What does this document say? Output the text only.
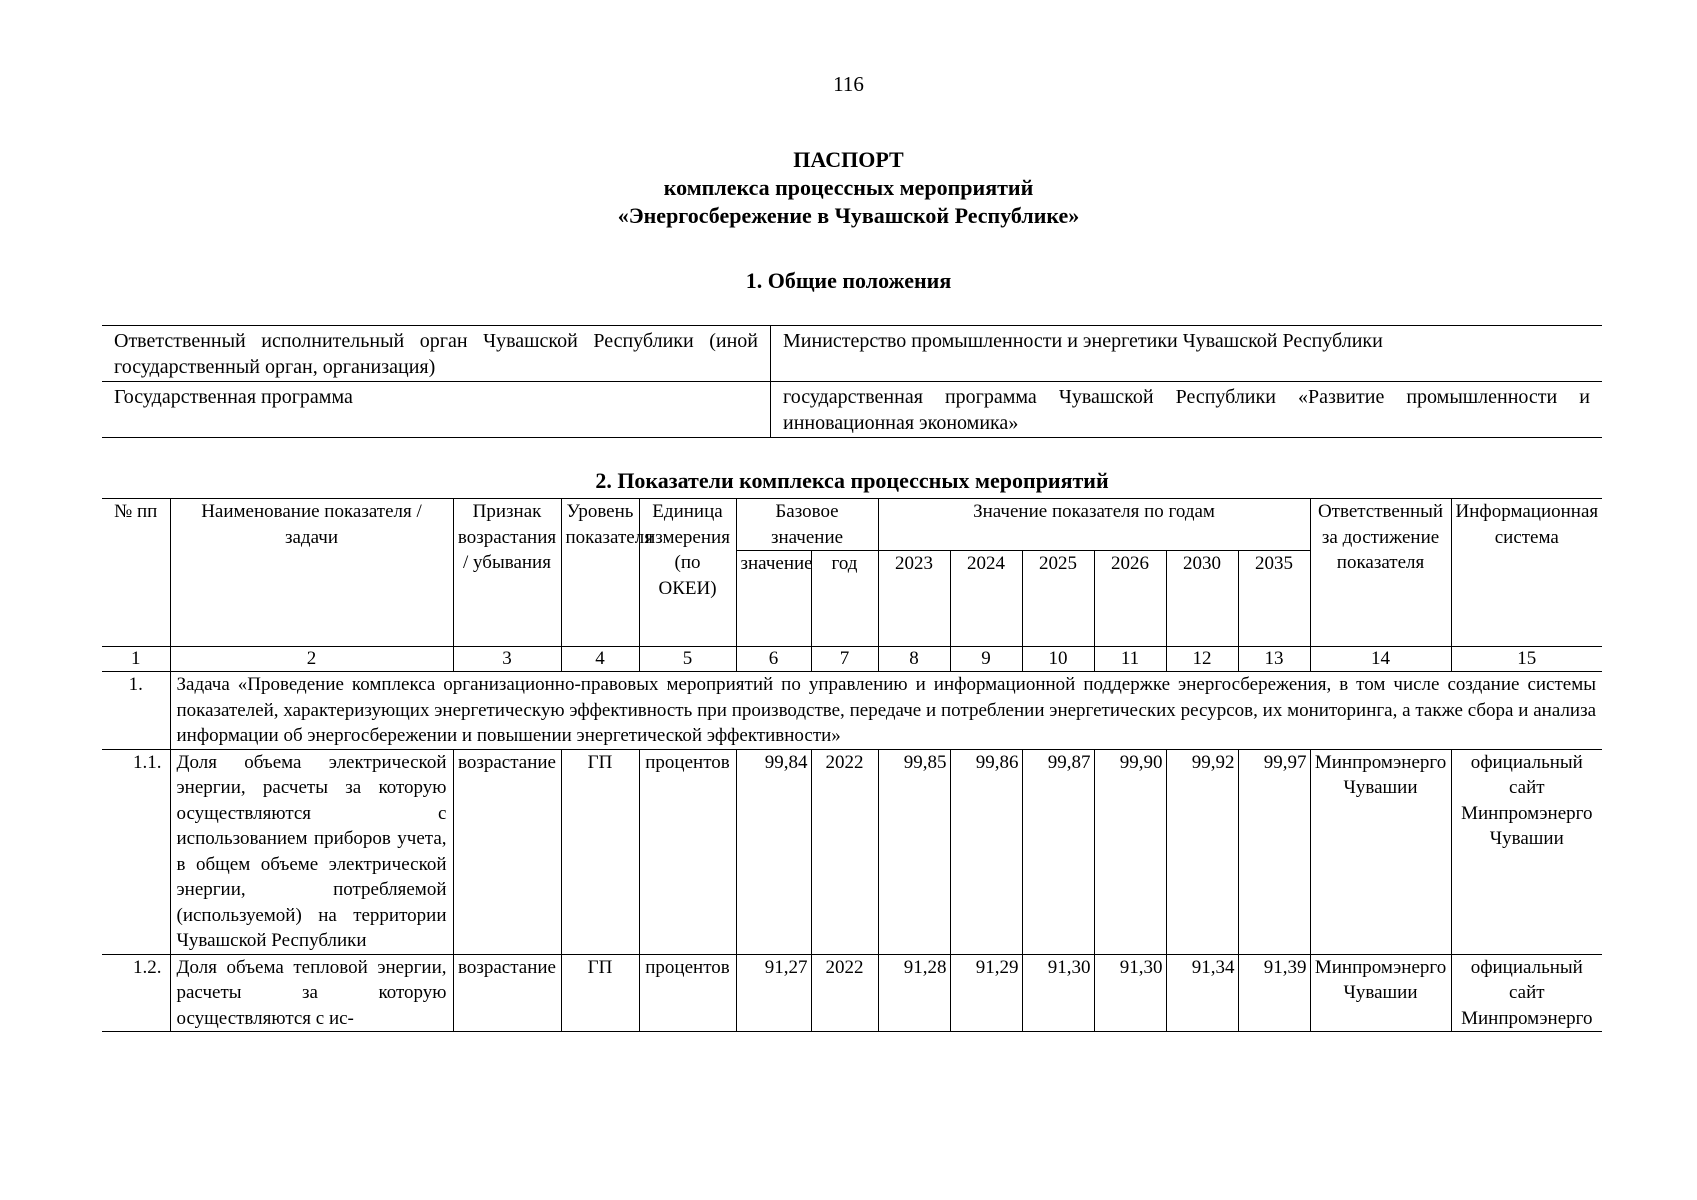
116
ПАСПОРТ
комплекса процессных мероприятий
«Энергосбережение в Чувашской Республике»
1. Общие положения
Ответственный исполнительный орган Чувашской Республики (иной государственный орган, организация)	Министерство промышленности и энергетики Чувашской Республики
Государственная программа	государственная программа Чувашской Республики «Развитие промышленности и инновационная экономика»
2. Показатели комплекса процессных мероприятий
№ пп	Наименование показателя / задачи	Признак возрастания / убывания	Уровень показателя	Единица измерения (по ОКЕИ)	Базовое значение		Значение показателя по годам						Ответственный за достижение показателя	Информационная система
					значение	год	2023	2024	2025	2026	2030	2035		
1	2	3	4	5	6	7	8	9	10	11	12	13	14	15
1.	Задача «Проведение комплекса организационно-правовых мероприятий по управлению и информационной поддержке энергосбережения, в том числе создание системы показателей, характеризующих энергетическую эффективность при производстве, передаче и потреблении энергетических ресурсов, их мониторинга, а также сбора и анализа информации об энергосбережении и повышении энергетической эффективности»													
1.1.	Доля объема электрической энергии, расчеты за которую осуществляются с использованием приборов учета, в общем объеме электрической энергии, потребляемой (используемой) на территории Чувашской Республики	возрастание	ГП	процентов	99,84	2022	99,85	99,86	99,87	99,90	99,92	99,97	Минпромэнерго Чувашии	официальный сайт Минпромэнерго Чувашии
1.2.	Доля объема тепловой энергии, расчеты за которую осуществляются с ис-	возрастание	ГП	процентов	91,27	2022	91,28	91,29	91,30	91,30	91,34	91,39	Минпромэнерго Чувашии	официальный сайт Минпромэнерго
